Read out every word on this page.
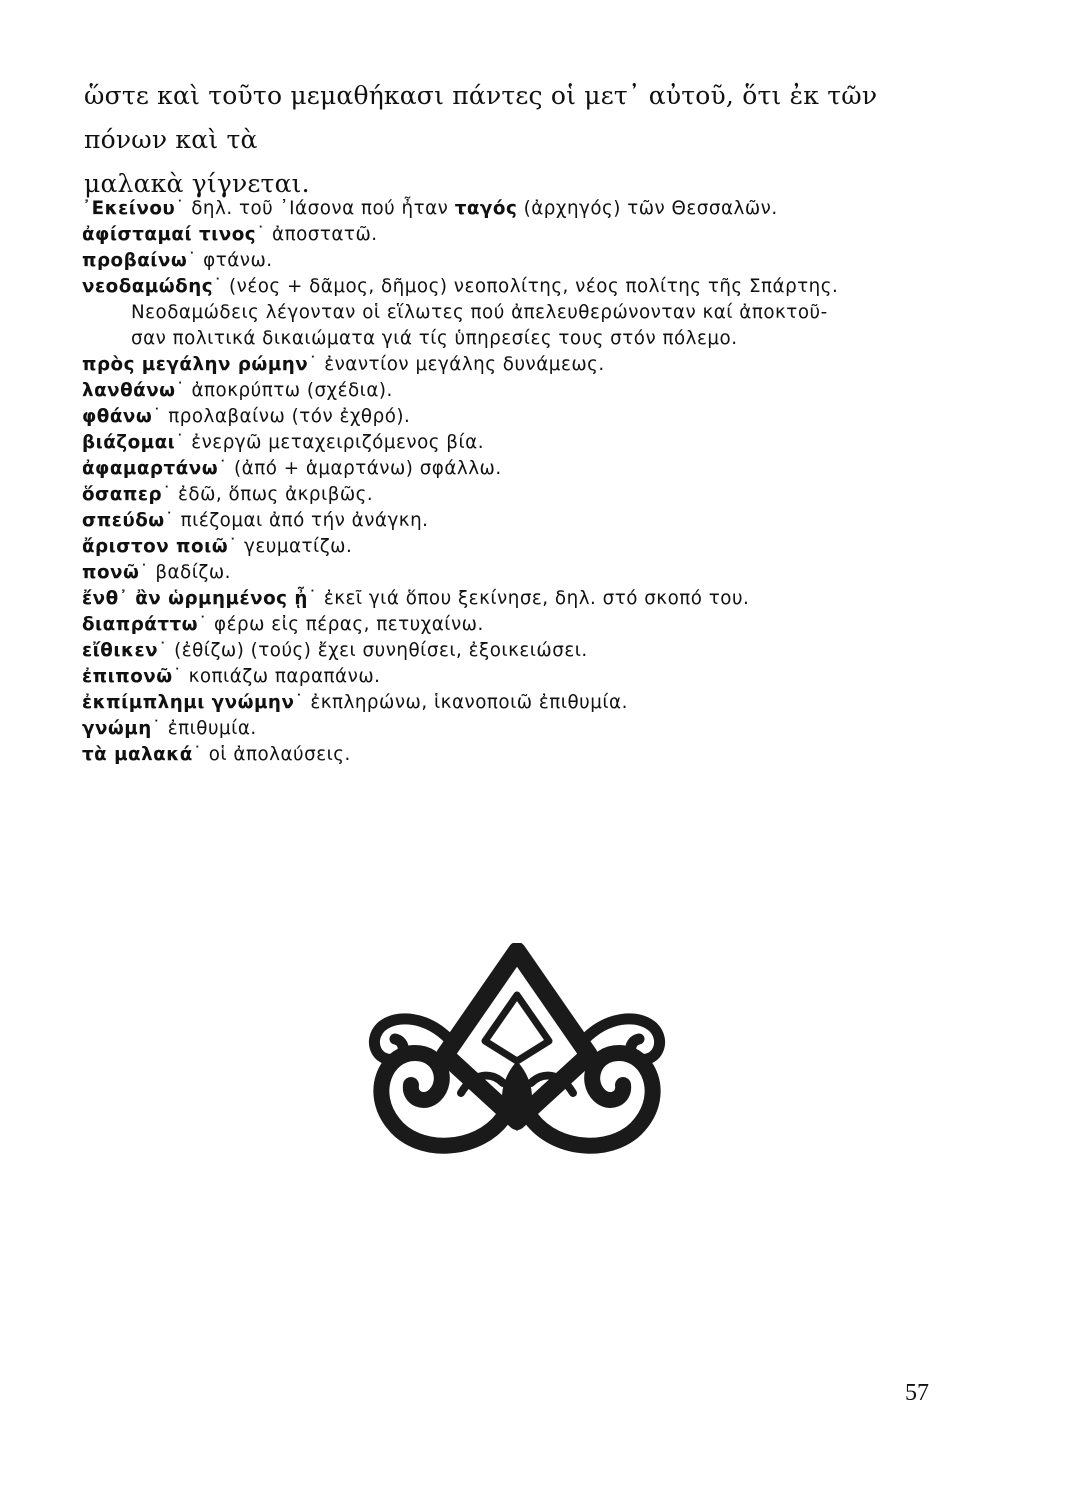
ὥστε καὶ τοῦτο μεμαθήκασι πάντες οἱ μετ᾽ αὐτοῦ, ὅτι ἐκ τῶν πόνων καὶ τὰ

μαλακὰ γίγνεται.

᾽Εκείνου˙ δηλ. τοῦ ᾽Ιάσονα πού ἦταν ταγός (ἀρχηγός) τῶν Θεσσαλῶν.
ἀφίσταμαί τινος˙ ἀποστατῶ.
προβαίνω˙ φτάνω.
νεοδαμώδης˙ (νέος + δᾶμος, δῆμος) νεοπολίτης, νέος πολίτης τῆς Σπάρτης.
Νεοδαμώδεις λέγονταν οἱ εἵλωτες πού ἀπελευθερώνονταν καί ἀποκτοῦ-
σαν πολιτικά δικαιώματα γιά τίς ὑπηρεσίες τους στόν πόλεμο.
πρὸς μεγάλην ρώμην˙ ἐναντίον μεγάλης δυνάμεως.
λανθάνω˙ ἀποκρύπτω (σχέδια).
φθάνω˙ προλαβαίνω (τόν ἐχθρό).
βιάζομαι˙ ἐνεργῶ μεταχειριζόμενος βία.
ἀφαμαρτάνω˙ (ἀπό + ἁμαρτάνω) σφάλλω.
ὅσαπερ˙ ἐδῶ, ὅπως ἀκριβῶς.
σπεύδω˙ πιέζομαι ἀπό τήν ἀνάγκη.
ἄριστον ποιῶ˙ γευματίζω.
πονῶ˙ βαδίζω.
ἔνθ᾽ ἂν ὡρμημένος ᾖ˙ ἐκεῖ γιά ὅπου ξεκίνησε, δηλ. στό σκοπό του.
διαπράττω˙ φέρω εἰς πέρας, πετυχαίνω.
εἴθικεν˙ (ἐθίζω) (τούς) ἔχει συνηθίσει, ἐξοικειώσει.
ἐπιπονῶ˙ κοπιάζω παραπάνω.
ἐκπίμπλημι γνώμην˙ ἐκπληρώνω, ἱκανοποιῶ ἐπιθυμία.
γνώμη˙ ἐπιθυμία.
τὰ μαλακά˙ οἱ ἀπολαύσεις.
57
